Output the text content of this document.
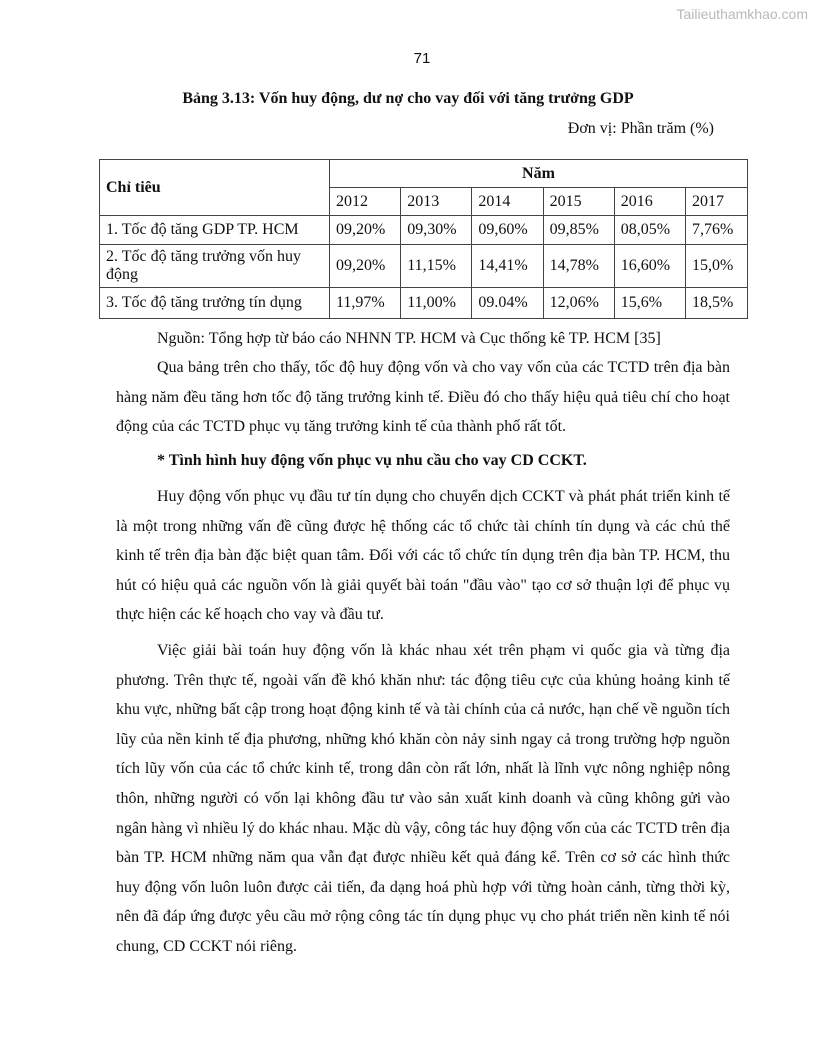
Tailieuthamkhao.com
71
Bảng 3.13: Vốn huy động, dư nợ cho vay đối với tăng trưởng GDP
Đơn vị: Phần trăm (%)
Chỉ tiêu	Năm					
	2012	2013	2014	2015	2016	2017
1. Tốc độ tăng GDP TP. HCM	09,20%	09,30%	09,60%	09,85%	08,05%	7,76%
2. Tốc độ tăng trưởng vốn huy động	09,20%	11,15%	14,41%	14,78%	16,60%	15,0%
3. Tốc độ tăng trưởng tín dụng	11,97%	11,00%	09.04%	12,06%	15,6%	18,5%
Nguồn: Tổng hợp từ báo cáo NHNN TP. HCM và Cục thống kê TP. HCM [35]

Qua bảng trên cho thấy, tốc độ huy động vốn và cho vay vốn của các TCTD trên địa bàn hàng năm đều tăng hơn tốc độ tăng trưởng kinh tế. Điều đó cho thấy hiệu quả tiêu chí cho hoạt động của các TCTD phục vụ tăng trưởng kinh tế của thành phố rất tốt.

* Tình hình huy động vốn phục vụ nhu cầu cho vay CD CCKT.

Huy động vốn phục vụ đầu tư tín dụng cho chuyển dịch CCKT và phát phát triển kinh tế là một trong những vấn đề cũng được hệ thống các tổ chức tài chính tín dụng và các chủ thể kinh tế trên địa bàn đặc biệt quan tâm. Đối với các tổ chức tín dụng trên địa bàn TP. HCM, thu hút có hiệu quả các nguồn vốn là giải quyết bài toán "đầu vào" tạo cơ sở thuận lợi để phục vụ thực hiện các kế hoạch cho vay và đầu tư.

Việc giải bài toán huy động vốn là khác nhau xét trên phạm vi quốc gia và từng địa phương. Trên thực tế, ngoài vấn đề khó khăn như: tác động tiêu cực của khủng hoảng kinh tế khu vực, những bất cập trong hoạt động kinh tế và tài chính của cả nước, hạn chế về nguồn tích lũy của nền kinh tế địa phương, những khó khăn còn nảy sinh ngay cả trong trường hợp nguồn tích lũy vốn của các tổ chức kinh tế, trong dân còn rất lớn, nhất là lĩnh vực nông nghiệp nông thôn, những người có vốn lại không đầu tư vào sản xuất kinh doanh và cũng không gửi vào ngân hàng vì nhiều lý do khác nhau. Mặc dù vậy, công tác huy động vốn của các TCTD trên địa bàn TP. HCM những năm qua vẫn đạt được nhiều kết quả đáng kể. Trên cơ sở các hình thức huy động vốn luôn luôn được cải tiến, đa dạng hoá phù hợp với từng hoàn cảnh, từng thời kỳ, nên đã đáp ứng được yêu cầu mở rộng công tác tín dụng phục vụ cho phát triển nền kinh tế nói chung, CD CCKT nói riêng.
